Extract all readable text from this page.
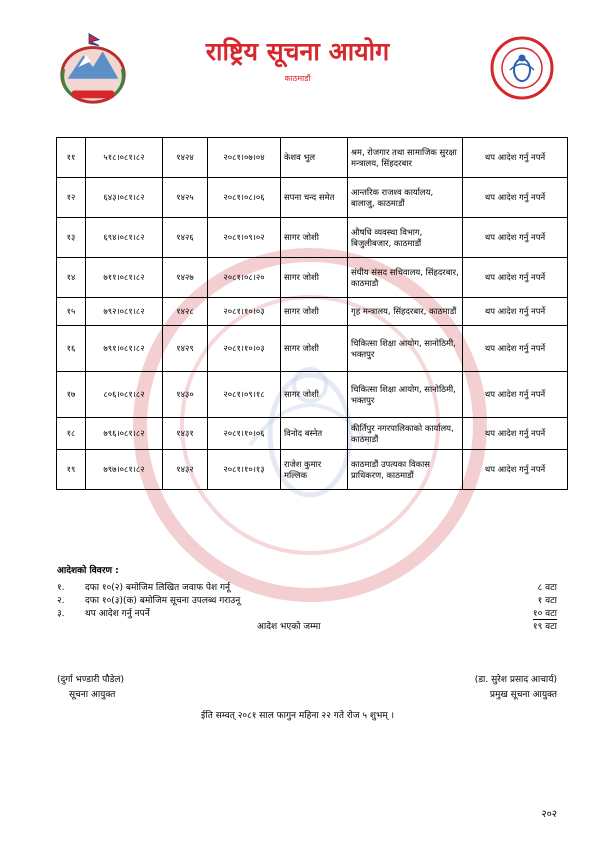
राष्ट्रिय सूचना आयोग
काठमाडौं
११	५१८।०८१।८२	१४२४	२०८१।०७।०४	केशव भुल	श्रम, रोजगार तथा सामाजिक सुरक्षा मन्त्रालय, सिंहदरबार	थप आदेश गर्नु नपर्ने
१२	६४३।०८१।८२	१४२५	२०८१।०८।०६	सपना चन्द समेत	आन्तरिक राजश्व कार्यालय, बालाजु, काठमाडौं	थप आदेश गर्नु नपर्ने
१३	६९४।०८१।८२	१४२६	२०८१।०९।०२	सागर जोशी	औषधि व्यवस्था विभाग, बिजुलीबजार, काठमाडौं	थप आदेश गर्नु नपर्ने
१४	७११।०८१।८२	१४२७	२०८१।०८।२०	सागर जोशी	संघीय संसद सचिवालय, सिंहदरबार, काठमाडौ	थप आदेश गर्नु नपर्ने
१५	७९२।०८१।८२	१४२८	२०८१।१०।०३	सागर जोशी	गृह मन्त्रालय, सिंहदरबार, काठमाडौं	थप आदेश गर्नु नपर्ने
१६	७९१।०८१।८२	१४२९	२०८१।१०।०३	सागर जोशी	चिकित्सा शिक्षा आयोग, सानोठिमी, भक्तपुर	थप आदेश गर्नु नपर्ने
१७	८०६।०८१।८२	१४३०	२०८१।०९।१८	सागर जोशी	चिकित्सा शिक्षा आयोग, सानोठिमी, भक्तपुर	थप आदेश गर्नु नपर्ने
१८	७९६।०८१।८२	१४३१	२०८१।१०।०६	विनोद बस्नेत	कीर्तिपुर नगरपालिकाको कार्यालय, काठमाडौं	थप आदेश गर्नु नपर्ने
१९	७९७।०८१।८२	१४३२	२०८१।१०।१३	राजेश कुमार मल्लिक	काठमाडौं उपत्यका विकास प्राधिकरण, काठमाडौं	थप आदेश गर्नु नपर्ने
आदेशको विवरण :
१. दफा १०(२) बमोजिम लिखित जवाफ पेश गर्नू	८ वटा
२. दफा १०(३)(क) बमोजिम सूचना उपलब्ध गराउनू	१ वटा
३. थप आदेश गर्नु नपर्ने	१० वटा
आदेश भएको जम्मा	१९ वटा
(दुर्गा भण्डारी पौडेल)
सूचना आयुक्त
(डा. सुरेश प्रसाद आचार्य)
प्रमुख सूचना आयुक्त
ईति सम्वत् २०८१ साल फागुन महिना २२ गते रोज ५ शुभम् ।
२०२
